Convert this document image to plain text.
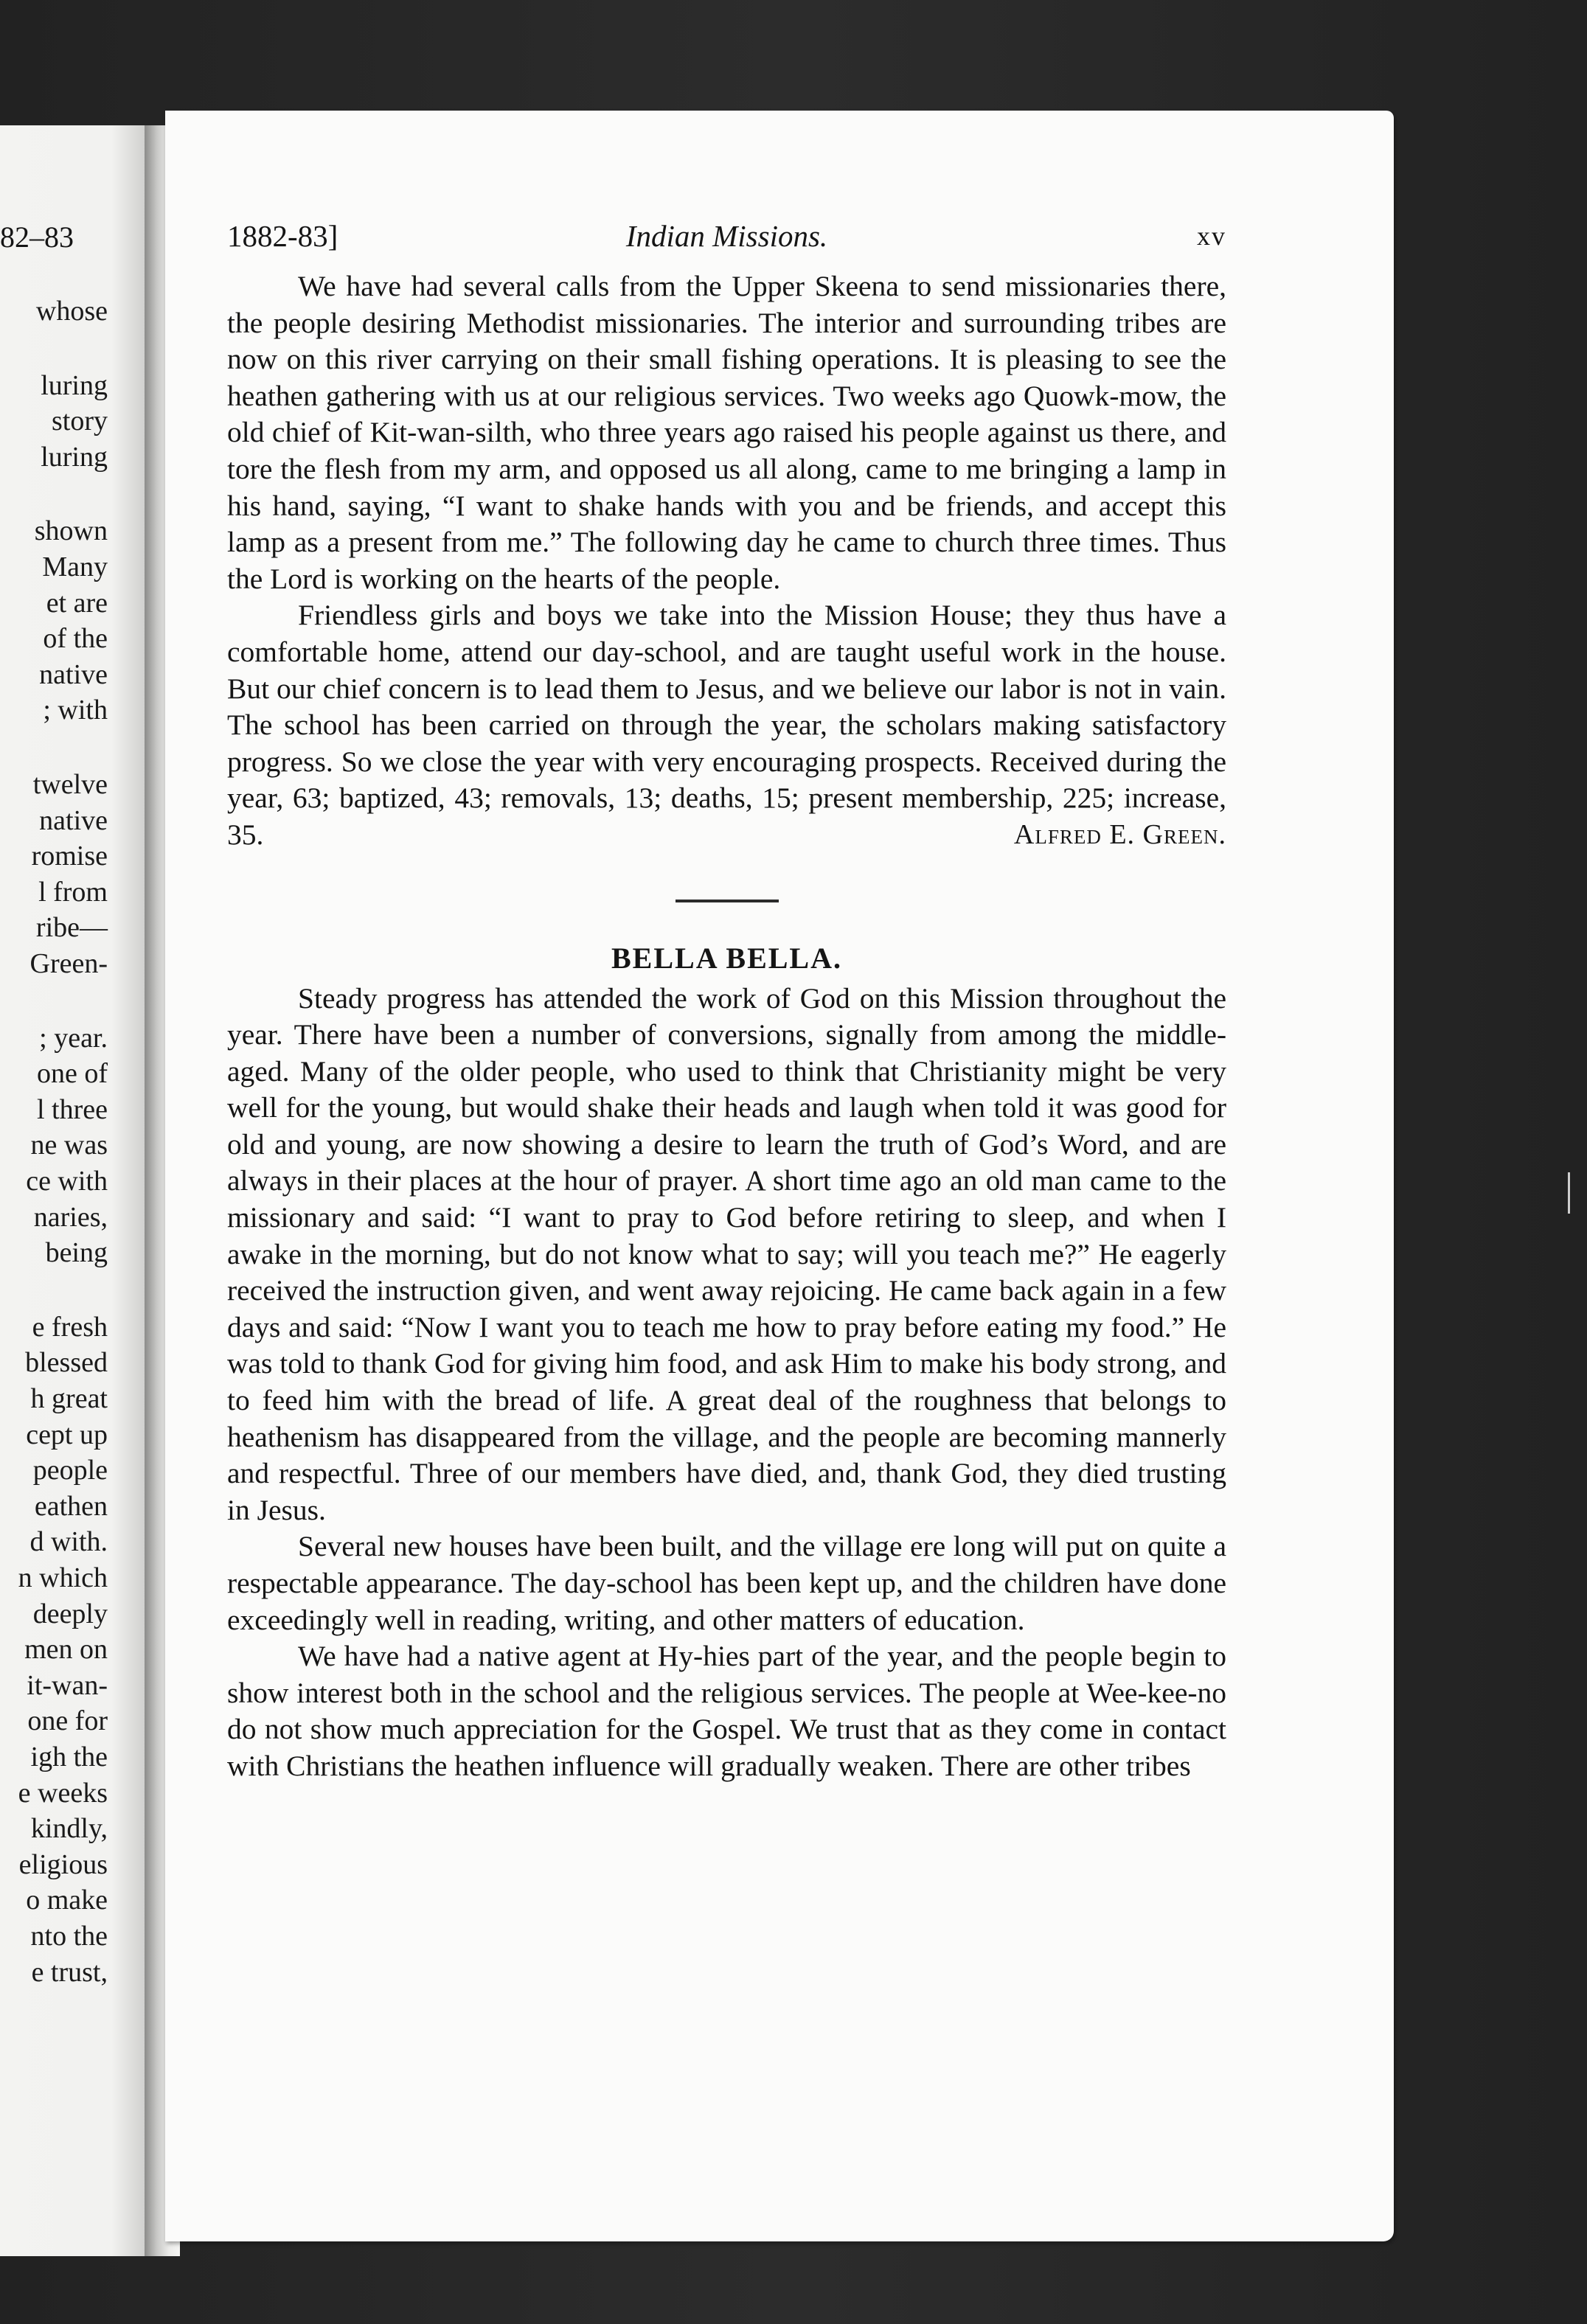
82–83
whose
luring
story
luring
shown
Many
et are
of the
native
; with
twelve
native
romise
l from
ribe—
Green-
; year.
one of
l three
ne was
ce with
naries,
being
e fresh
blessed
h great
cept up
people
eathen
d with.
n which
deeply
men on
it-wan-
one for
igh the
e weeks
kindly,
eligious
o make
nto the
e trust,
1882-83]	Indian Missions.	xv

We have had several calls from the Upper Skeena to send missionaries there, the people desiring Methodist missionaries. The interior and surrounding tribes are now on this river carrying on their small fishing operations. It is pleasing to see the heathen gathering with us at our religious services. Two weeks ago Quowk-mow, the old chief of Kit-wan-silth, who three years ago raised his people against us there, and tore the flesh from my arm, and opposed us all along, came to me bringing a lamp in his hand, saying, “I want to shake hands with you and be friends, and accept this lamp as a present from me.” The following day he came to church three times. Thus the Lord is working on the hearts of the people.

Friendless girls and boys we take into the Mission House; they thus have a comfortable home, attend our day-school, and are taught useful work in the house. But our chief concern is to lead them to Jesus, and we believe our labor is not in vain. The school has been carried on through the year, the scholars making satisfactory progress. So we close the year with very encouraging prospects. Received during the year, 63; baptized, 43; removals, 13; deaths, 15; present membership, 225; increase, 35.	Alfred E. Green.

BELLA BELLA.

Steady progress has attended the work of God on this Mission throughout the year. There have been a number of conversions, signally from among the middle-aged. Many of the older people, who used to think that Christianity might be very well for the young, but would shake their heads and laugh when told it was good for old and young, are now showing a desire to learn the truth of God’s Word, and are always in their places at the hour of prayer. A short time ago an old man came to the missionary and said: “I want to pray to God before retiring to sleep, and when I awake in the morning, but do not know what to say; will you teach me?” He eagerly received the instruction given, and went away rejoicing. He came back again in a few days and said: “Now I want you to teach me how to pray before eating my food.” He was told to thank God for giving him food, and ask Him to make his body strong, and to feed him with the bread of life. A great deal of the roughness that belongs to heathenism has disappeared from the village, and the people are becoming mannerly and respectful. Three of our members have died, and, thank God, they died trusting in Jesus.

Several new houses have been built, and the village ere long will put on quite a respectable appearance. The day-school has been kept up, and the children have done exceedingly well in reading, writing, and other matters of education.

We have had a native agent at Hy-hies part of the year, and the people begin to show interest both in the school and the religious services. The people at Wee-kee-no do not show much appreciation for the Gospel. We trust that as they come in contact with Christians the heathen influence will gradually weaken. There are other tribes
